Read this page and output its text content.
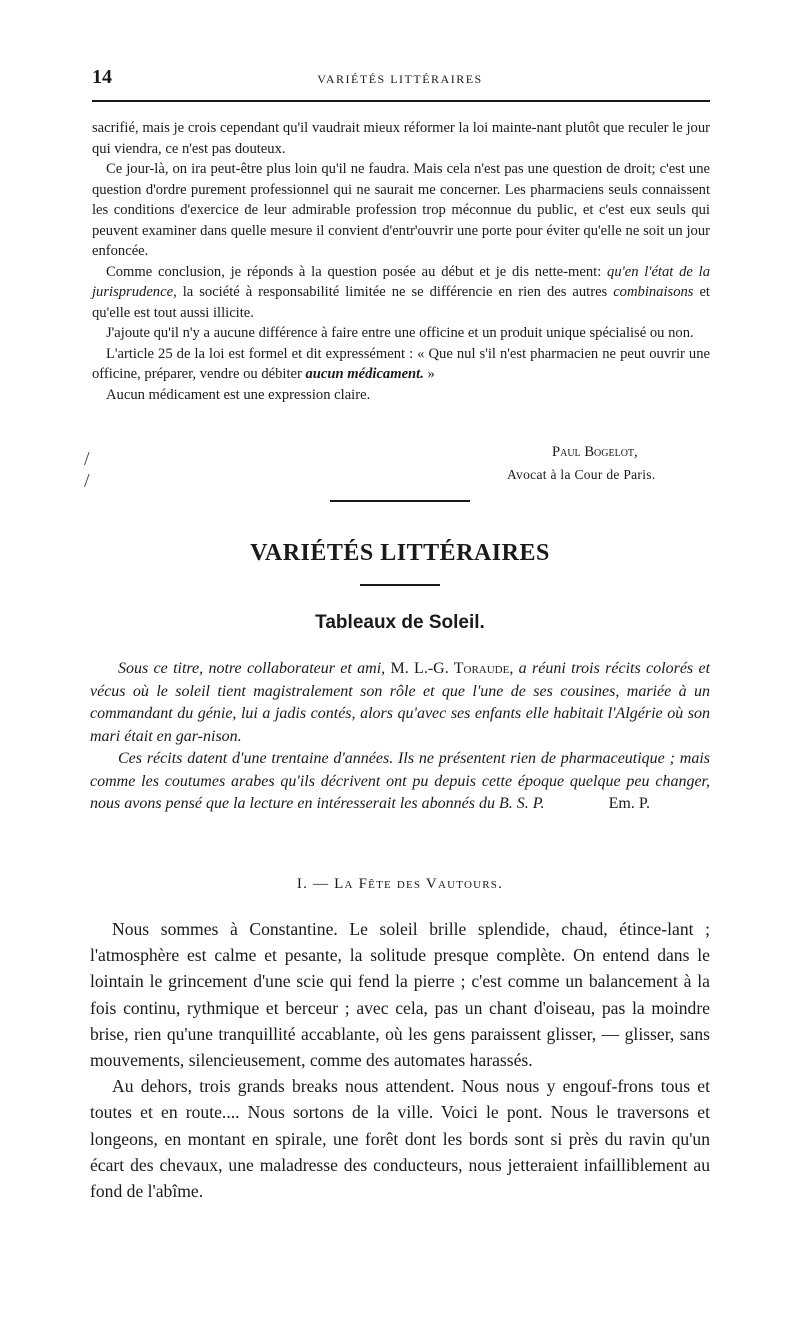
14	VARIÉTÉS LITTÉRAIRES

sacrifié, mais je crois cependant qu'il vaudrait mieux réformer la loi mainte-nant plutôt que reculer le jour qui viendra, ce n'est pas douteux.

Ce jour-là, on ira peut-être plus loin qu'il ne faudra. Mais cela n'est pas une question de droit; c'est une question d'ordre purement professionnel qui ne saurait me concerner. Les pharmaciens seuls connaissent les conditions d'exercice de leur admirable profession trop méconnue du public, et c'est eux seuls qui peuvent examiner dans quelle mesure il convient d'entr'ouvrir une porte pour éviter qu'elle ne soit un jour enfoncée.

Comme conclusion, je réponds à la question posée au début et je dis nette-ment: qu'en l'état de la jurisprudence, la société à responsabilité limitée ne se différencie en rien des autres combinaisons et qu'elle est tout aussi illicite.

J'ajoute qu'il n'y a aucune différence à faire entre une officine et un produit unique spécialisé ou non.

L'article 25 de la loi est formel et dit expressément : « Que nul s'il n'est pharmacien ne peut ouvrir une officine, préparer, vendre ou débiter aucun médicament. »

Aucun médicament est une expression claire.

/
/
Paul Bogelot,
Avocat à la Cour de Paris.
VARIÉTÉS LITTÉRAIRES
Tableaux de Soleil.

Sous ce titre, notre collaborateur et ami, M. L.-G. Toraude, a réuni trois récits colorés et vécus où le soleil tient magistralement son rôle et que l'une de ses cousines, mariée à un commandant du génie, lui a jadis contés, alors qu'avec ses enfants elle habitait l'Algérie où son mari était en gar-nison.

Ces récits datent d'une trentaine d'années. Ils ne présentent rien de pharmaceutique ; mais comme les coutumes arabes qu'ils décrivent ont pu depuis cette époque quelque peu changer, nous avons pensé que la lecture en intéresserait les abonnés du B. S. P.	Em. P.

I. — La Fête des Vautours.

Nous sommes à Constantine. Le soleil brille splendide, chaud, étince-lant ; l'atmosphère est calme et pesante, la solitude presque complète. On entend dans le lointain le grincement d'une scie qui fend la pierre ; c'est comme un balancement à la fois continu, rythmique et berceur ; avec cela, pas un chant d'oiseau, pas la moindre brise, rien qu'une tranquillité accablante, où les gens paraissent glisser, — glisser, sans mouvements, silencieusement, comme des automates harassés.

Au dehors, trois grands breaks nous attendent. Nous nous y engouf-frons tous et toutes et en route.... Nous sortons de la ville. Voici le pont. Nous le traversons et longeons, en montant en spirale, une forêt dont les bords sont si près du ravin qu'un écart des chevaux, une maladresse des conducteurs, nous jetteraient infailliblement au fond de l'abîme.
